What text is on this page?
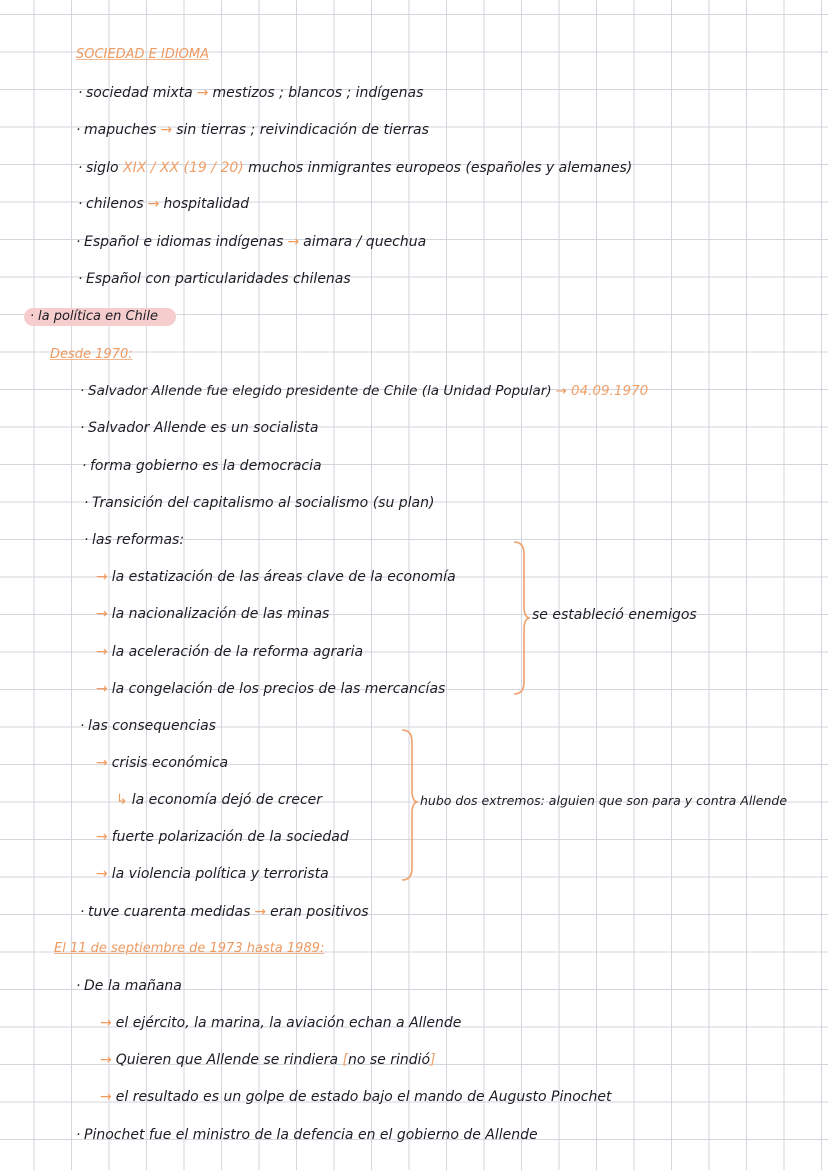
SOCIEDAD E IDIOMA
· sociedad mixta → mestizos ; blancos ; indígenas
· mapuches → sin tierras ; reivindicación de tierras
· siglo XIX / XX (19 / 20) muchos inmigrantes europeos (españoles y alemanes)
· chilenos → hospitalidad
· Español e idiomas indígenas → aimara / quechua
· Español con particularidades chilenas
· la política en Chile
Desde 1970:
· Salvador Allende fue elegido presidente de Chile (la Unidad Popular) → 04.09.1970
· Salvador Allende es un socialista
· forma gobierno es la democracia
· Transición del capitalismo al socialismo (su plan)
· las reformas:
→ la estatización de las áreas clave de la economía
→ la nacionalización de las minas
→ la aceleración de la reforma agraria
→ la congelación de los precios de las mercancías
se estableció enemigos
· las consequencias
→ crisis económica
↳ la economía dejó de crecer
→ fuerte polarización de la sociedad
→ la violencia política y terrorista
hubo dos extremos: alguien que son para y contra Allende
· tuve cuarenta medidas → eran positivos
El 11 de septiembre de 1973 hasta 1989:
· De la mañana
→ el ejército, la marina, la aviación echan a Allende
→ Quieren que Allende se rindiera [no se rindió]
→ el resultado es un golpe de estado bajo el mando de Augusto Pinochet
· Pinochet fue el ministro de la defencia en el gobierno de Allende
